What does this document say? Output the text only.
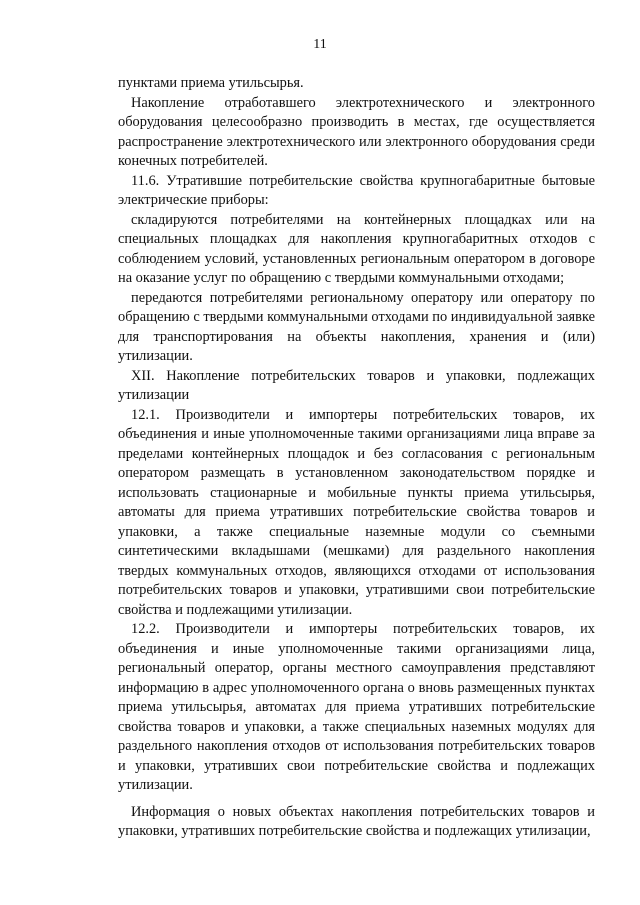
11

пунктами приема утильсырья.

Накопление отработавшего электротехнического и электронного оборудования целесообразно производить в местах, где осуществляется распространение электротехнического или электронного оборудования среди конечных потребителей.

11.6. Утратившие потребительские свойства крупногабаритные бытовые электрические приборы:

складируются потребителями на контейнерных площадках или на специальных площадках для накопления крупногабаритных отходов с соблюдением условий, установленных региональным оператором в договоре на оказание услуг по обращению с твердыми коммунальными отходами;

передаются потребителями региональному оператору или оператору по обращению с твердыми коммунальными отходами по индивидуальной заявке для транспортирования на объекты накопления, хранения и (или) утилизации.

XII. Накопление потребительских товаров и упаковки, подлежащих утилизации

12.1. Производители и импортеры потребительских товаров, их объединения и иные уполномоченные такими организациями лица вправе за пределами контейнерных площадок и без согласования с региональным оператором размещать в установленном законодательством порядке и использовать стационарные и мобильные пункты приема утильсырья, автоматы для приема утративших потребительские свойства товаров и упаковки, а также специальные наземные модули со съемными синтетическими вкладышами (мешками) для раздельного накопления твердых коммунальных отходов, являющихся отходами от использования потребительских товаров и упаковки, утратившими свои потребительские свойства и подлежащими утилизации.

12.2. Производители и импортеры потребительских товаров, их объединения и иные уполномоченные такими организациями лица, региональный оператор, органы местного самоуправления представляют информацию в адрес уполномоченного органа о вновь размещенных пунктах приема утильсырья, автоматах для приема утративших потребительские свойства товаров и упаковки, а также специальных наземных модулях для раздельного накопления отходов от использования потребительских товаров и упаковки, утративших свои потребительские свойства и подлежащих утилизации.

Информация о новых объектах накопления потребительских товаров и упаковки, утративших потребительские свойства и подлежащих утилизации,
